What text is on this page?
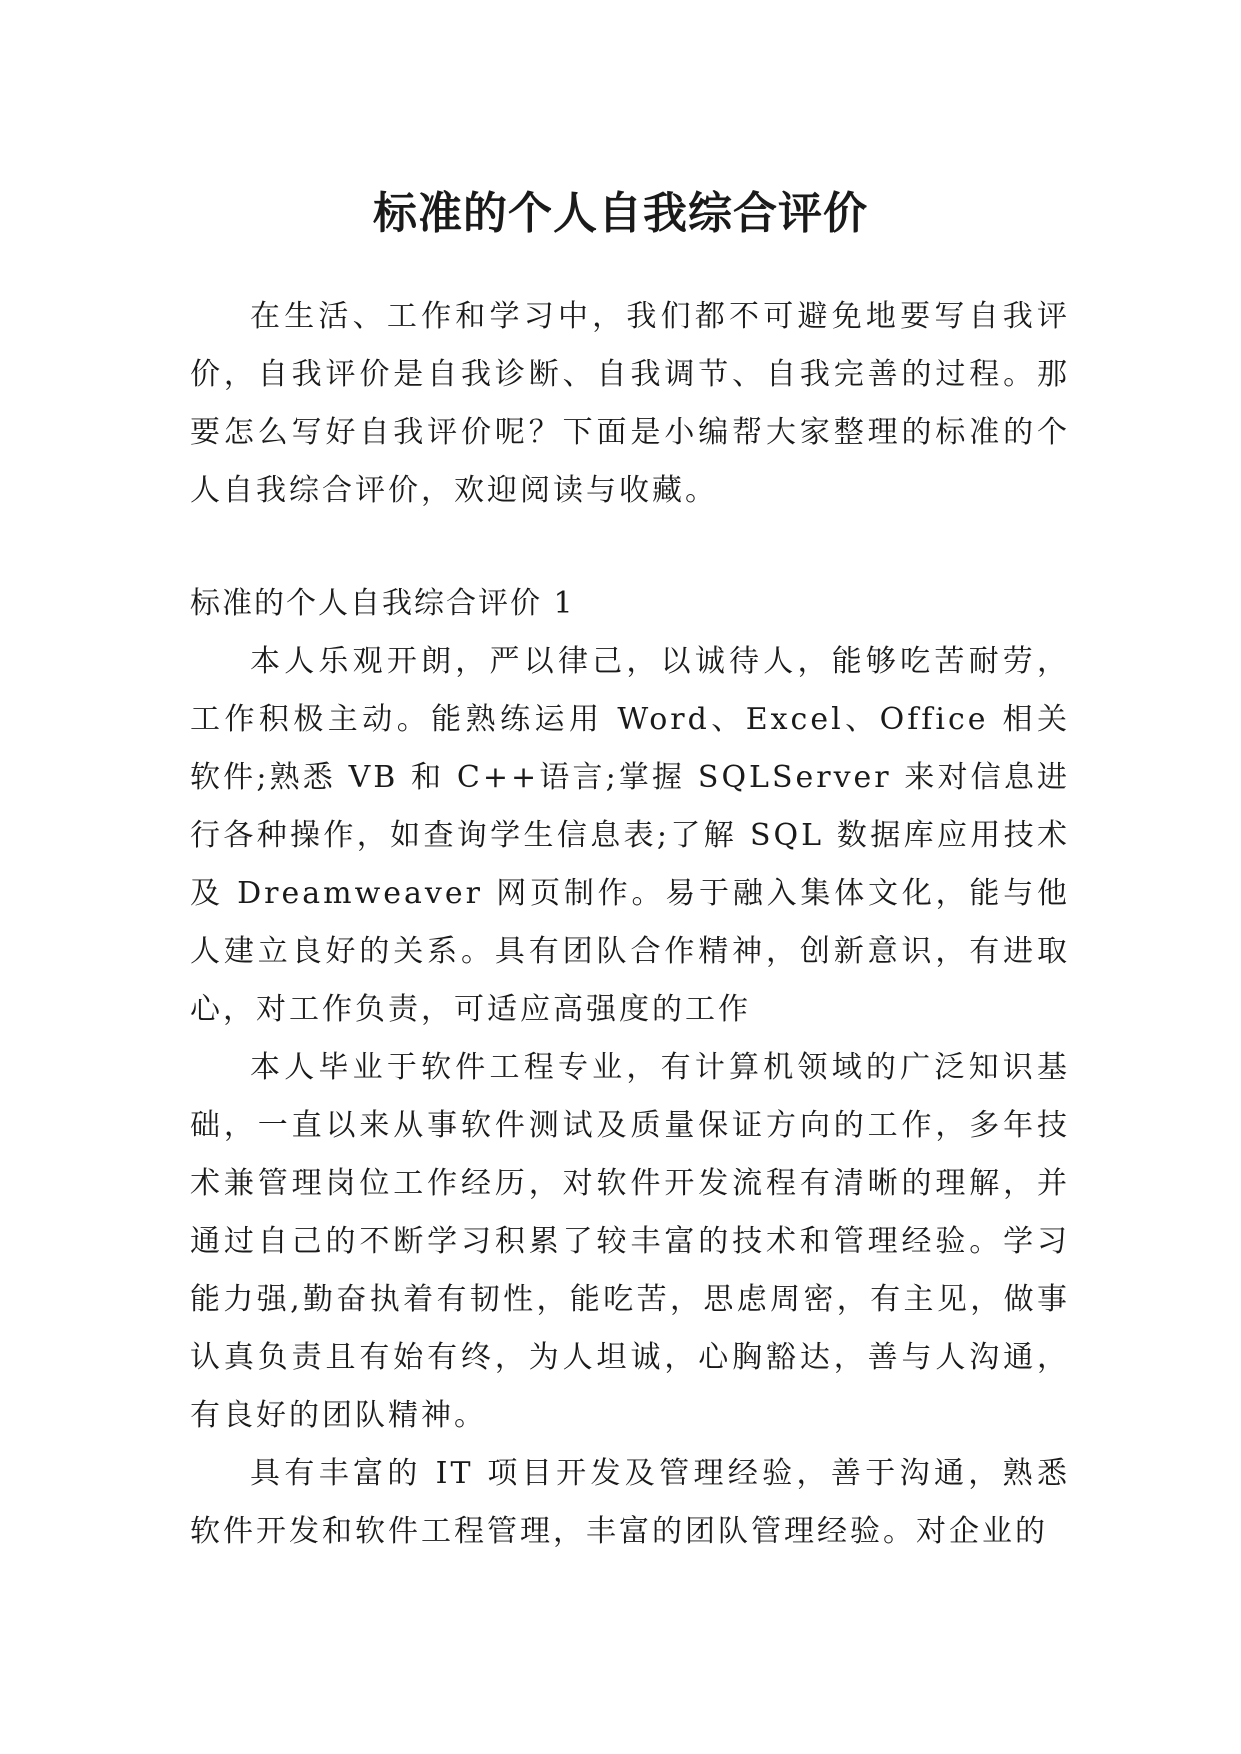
标准的个人自我综合评价

在生活、工作和学习中，我们都不可避免地要写自我评价，自我评价是自我诊断、自我调节、自我完善的过程。那要怎么写好自我评价呢？下面是小编帮大家整理的标准的个人自我综合评价，欢迎阅读与收藏。

标准的个人自我综合评价 1

本人乐观开朗，严以律己，以诚待人，能够吃苦耐劳，工作积极主动。能熟练运用 Word、Excel、Office 相关软件;熟悉 VB 和 C++语言;掌握 SQLServer 来对信息进行各种操作，如查询学生信息表;了解 SQL 数据库应用技术及 Dreamweaver 网页制作。易于融入集体文化，能与他人建立良好的关系。具有团队合作精神，创新意识，有进取心，对工作负责，可适应高强度的工作

本人毕业于软件工程专业，有计算机领域的广泛知识基础，一直以来从事软件测试及质量保证方向的工作，多年技术兼管理岗位工作经历，对软件开发流程有清晰的理解，并通过自己的不断学习积累了较丰富的技术和管理经验。学习能力强,勤奋执着有韧性，能吃苦，思虑周密，有主见，做事认真负责且有始有终，为人坦诚，心胸豁达，善与人沟通，有良好的团队精神。

具有丰富的 IT 项目开发及管理经验，善于沟通，熟悉软件开发和软件工程管理，丰富的团队管理经验。对企业的
